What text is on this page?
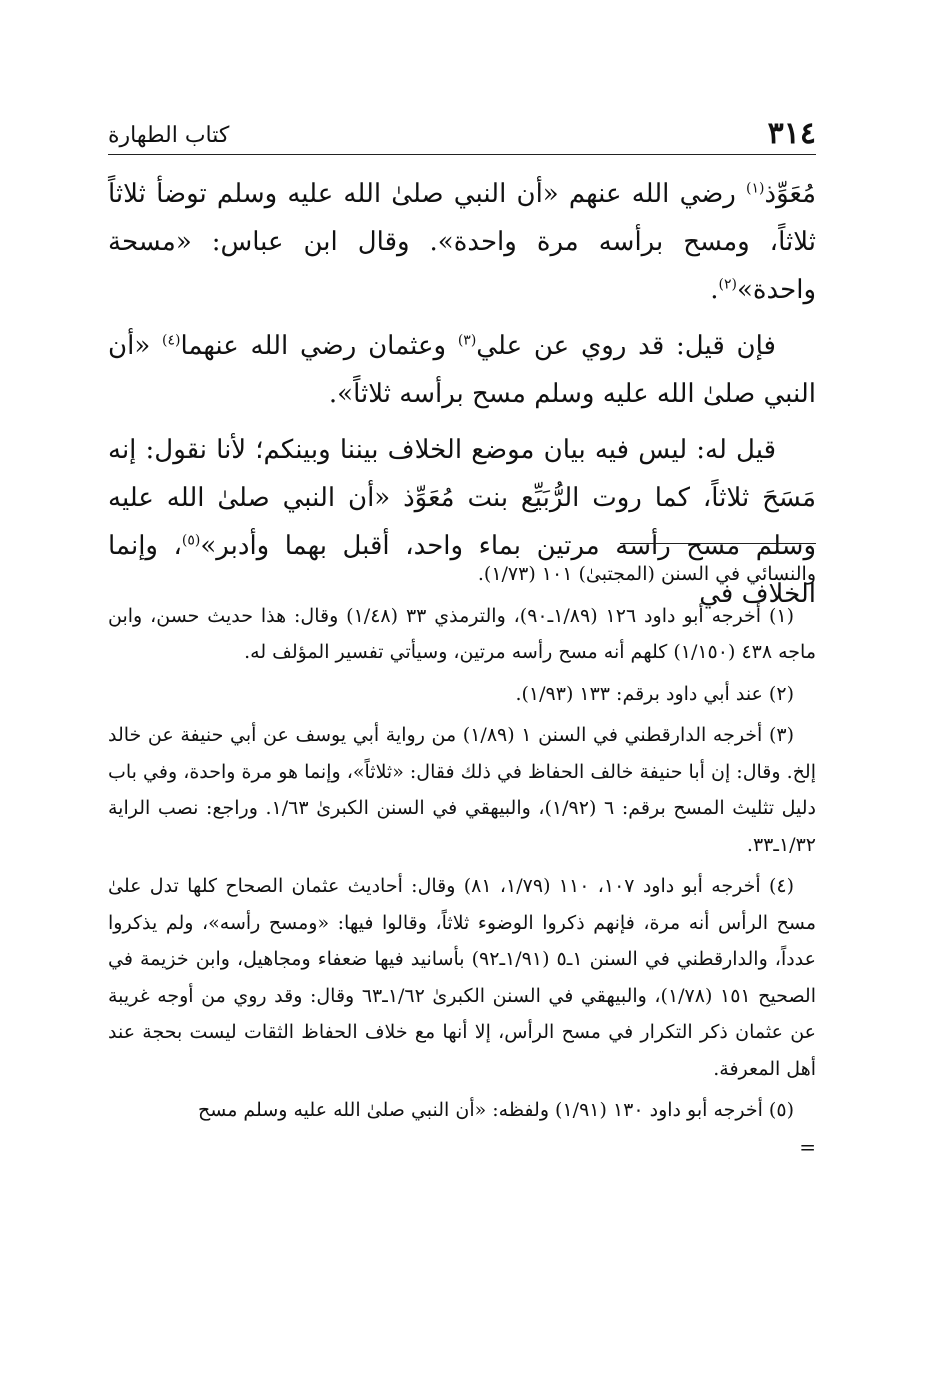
٣١٤
كتاب الطهارة

مُعَوِّذ$^{(١)}$ رضي الله عنهم «أن النبي صلىٰ الله عليه وسلم توضأ ثلاثاً ثلاثاً، ومسح برأسه مرة واحدة». وقال ابن عباس: «مسحة واحدة»$^{(٢)}$.

فإن قيل: قد روي عن علي$^{(٣)}$ وعثمان رضي الله عنهما$^{(٤)}$ «أن النبي صلىٰ الله عليه وسلم مسح برأسه ثلاثاً».

قيل له: ليس فيه بيان موضع الخلاف بيننا وبينكم؛ لأنا نقول: إنه مَسَحَ ثلاثاً، كما روت الرُّبَيِّع بنت مُعَوِّذ «أن النبي صلىٰ الله عليه وسلم مسح رأسه مرتين بماء واحد، أقبل بهما وأدبر»$^{(٥)}$، وإنما الخلاف في

والنسائي في السنن (المجتبىٰ) ١٠١ (١/٧٣).

(١) أخرجه أبو داود ١٢٦ (١/٨٩ـ٩٠)، والترمذي ٣٣ (١/٤٨) وقال: هذا حديث حسن، وابن ماجه ٤٣٨ (١/١٥٠) كلهم أنه مسح رأسه مرتين، وسيأتي تفسير المؤلف له.

(٢) عند أبي داود برقم: ١٣٣ (١/٩٣).

(٣) أخرجه الدارقطني في السنن ١ (١/٨٩) من رواية أبي يوسف عن أبي حنيفة عن خالد إلخ. وقال: إن أبا حنيفة خالف الحفاظ في ذلك فقال: «ثلاثاً»، وإنما هو مرة واحدة، وفي باب دليل تثليث المسح برقم: ٦ (١/٩٢)، والبيهقي في السنن الكبرىٰ ١/٦٣. وراجع: نصب الراية ١/٣٢ـ٣٣.

(٤) أخرجه أبو داود ١٠٧، ١١٠ (١/٧٩، ٨١) وقال: أحاديث عثمان الصحاح كلها تدل علىٰ مسح الرأس أنه مرة، فإنهم ذكروا الوضوء ثلاثاً، وقالوا فيها: «ومسح رأسه»، ولم يذكروا عدداً، والدارقطني في السنن ١ـ٥ (١/٩١ـ٩٢) بأسانيد فيها ضعفاء ومجاهيل، وابن خزيمة في الصحيح ١٥١ (١/٧٨)، والبيهقي في السنن الكبرىٰ ١/٦٢ـ٦٣ وقال: وقد روي من أوجه غريبة عن عثمان ذكر التكرار في مسح الرأس، إلا أنها مع خلاف الحفاظ الثقات ليست بحجة عند أهل المعرفة.

(٥) أخرجه أبو داود ١٣٠ (١/٩١) ولفظه: «أن النبي صلىٰ الله عليه وسلم مسح

=
